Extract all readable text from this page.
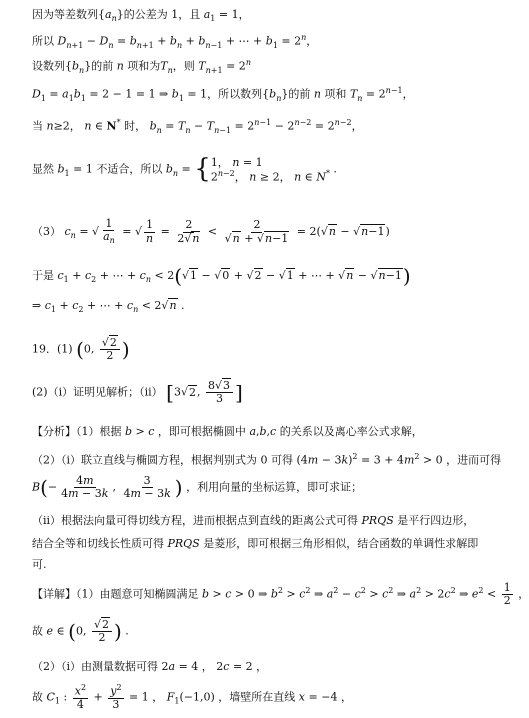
因为等差数列$\{a_n\}$的公差为 1，且 $a_1 = 1$，
所以 $D_{n+1} - D_n = b_{n+1} + b_n + b_{n-1}$ + ⋯ + $b_1 = 2^n$，
设数列$\{b_n\}$的前 n 项和为$T_n$，则 $T_{n+1} = 2^n$
$D_1 = a_1b_1 = 2 - 1 = 1$ ⇒ $b_1 = 1$，所以数列$\{b_n\}$的前 n 项和 $T_n = 2^{n-1}$，
当 n≥2， n ∈ N* 时， $b_n = T_n - T_{n-1} = 2^{n-1} - 2^{n-2} = 2^{n-2}$，
显然 $b_1 = 1$ 不适合，所以 $b_n$ = { 1， n = 1
$2^{n-2}$， n ≥ 2， n ∈ N* .
（3） $c_n$ = √ $\frac{1}{a_n}$ = √ $\frac{1}{n} = \frac{2}{2√n} < \frac{2}{√n + √n-1} = 2(√n - √n-1)$
于是 $c_1 + c_2$ + ⋯ + $c_n < 2(√1 - √0 + √2 - √1$ + ⋯ + √n − √n−1)
⇒ $c_1 + c_2$ + ⋯ + $c_n < 2√n$ .
19．(1) (0, $\frac{√2}{2}$ )
(2)（i）证明见解析；（ii） [3√2, $\frac{8√3}{3}$ ]
【分析】（1）根据 b > c ，即可根据椭圆中 a,b,c 的关系以及离心率公式求解，
（2）（i）联立直线与椭圆方程，根据判别式为 0 可得 $(4m - 3k)^2 = 3 + 4m^2 > 0$ ，进而可得
$B(- \frac{4m}{4m - 3k}$ , $\frac{3}{4m - 3k}$ ) ，利用向量的坐标运算，即可求证；
（ii）根据法向量可得切线方程，进而根据点到直线的距离公式可得 PRQS 是平行四边形，
结合全等和切线长性质可得 PRQS 是菱形，即可根据三角形相似，结合函数的单调性求解即
可.
【详解】（1）由题意可知椭圆满足 b > c > 0 ⇒ $b^2 > c^2$ ⇒ $a^2 - c^2 > c^2$ ⇒ $a^2 > 2c^2$ ⇒ $e^2 < \frac{1}{2}$ ，
故 e ∈ (0, $\frac{√2}{2}$ ) .
（2）（i）由测量数据可得 2a = 4 ， 2c = 2 ，
故 $C_1$ : $\frac{x^2}{4} + \frac{y^2}{3} = 1$ ， $F_1(-1,0)$ ，墙壁所在直线 x = −4 ，
